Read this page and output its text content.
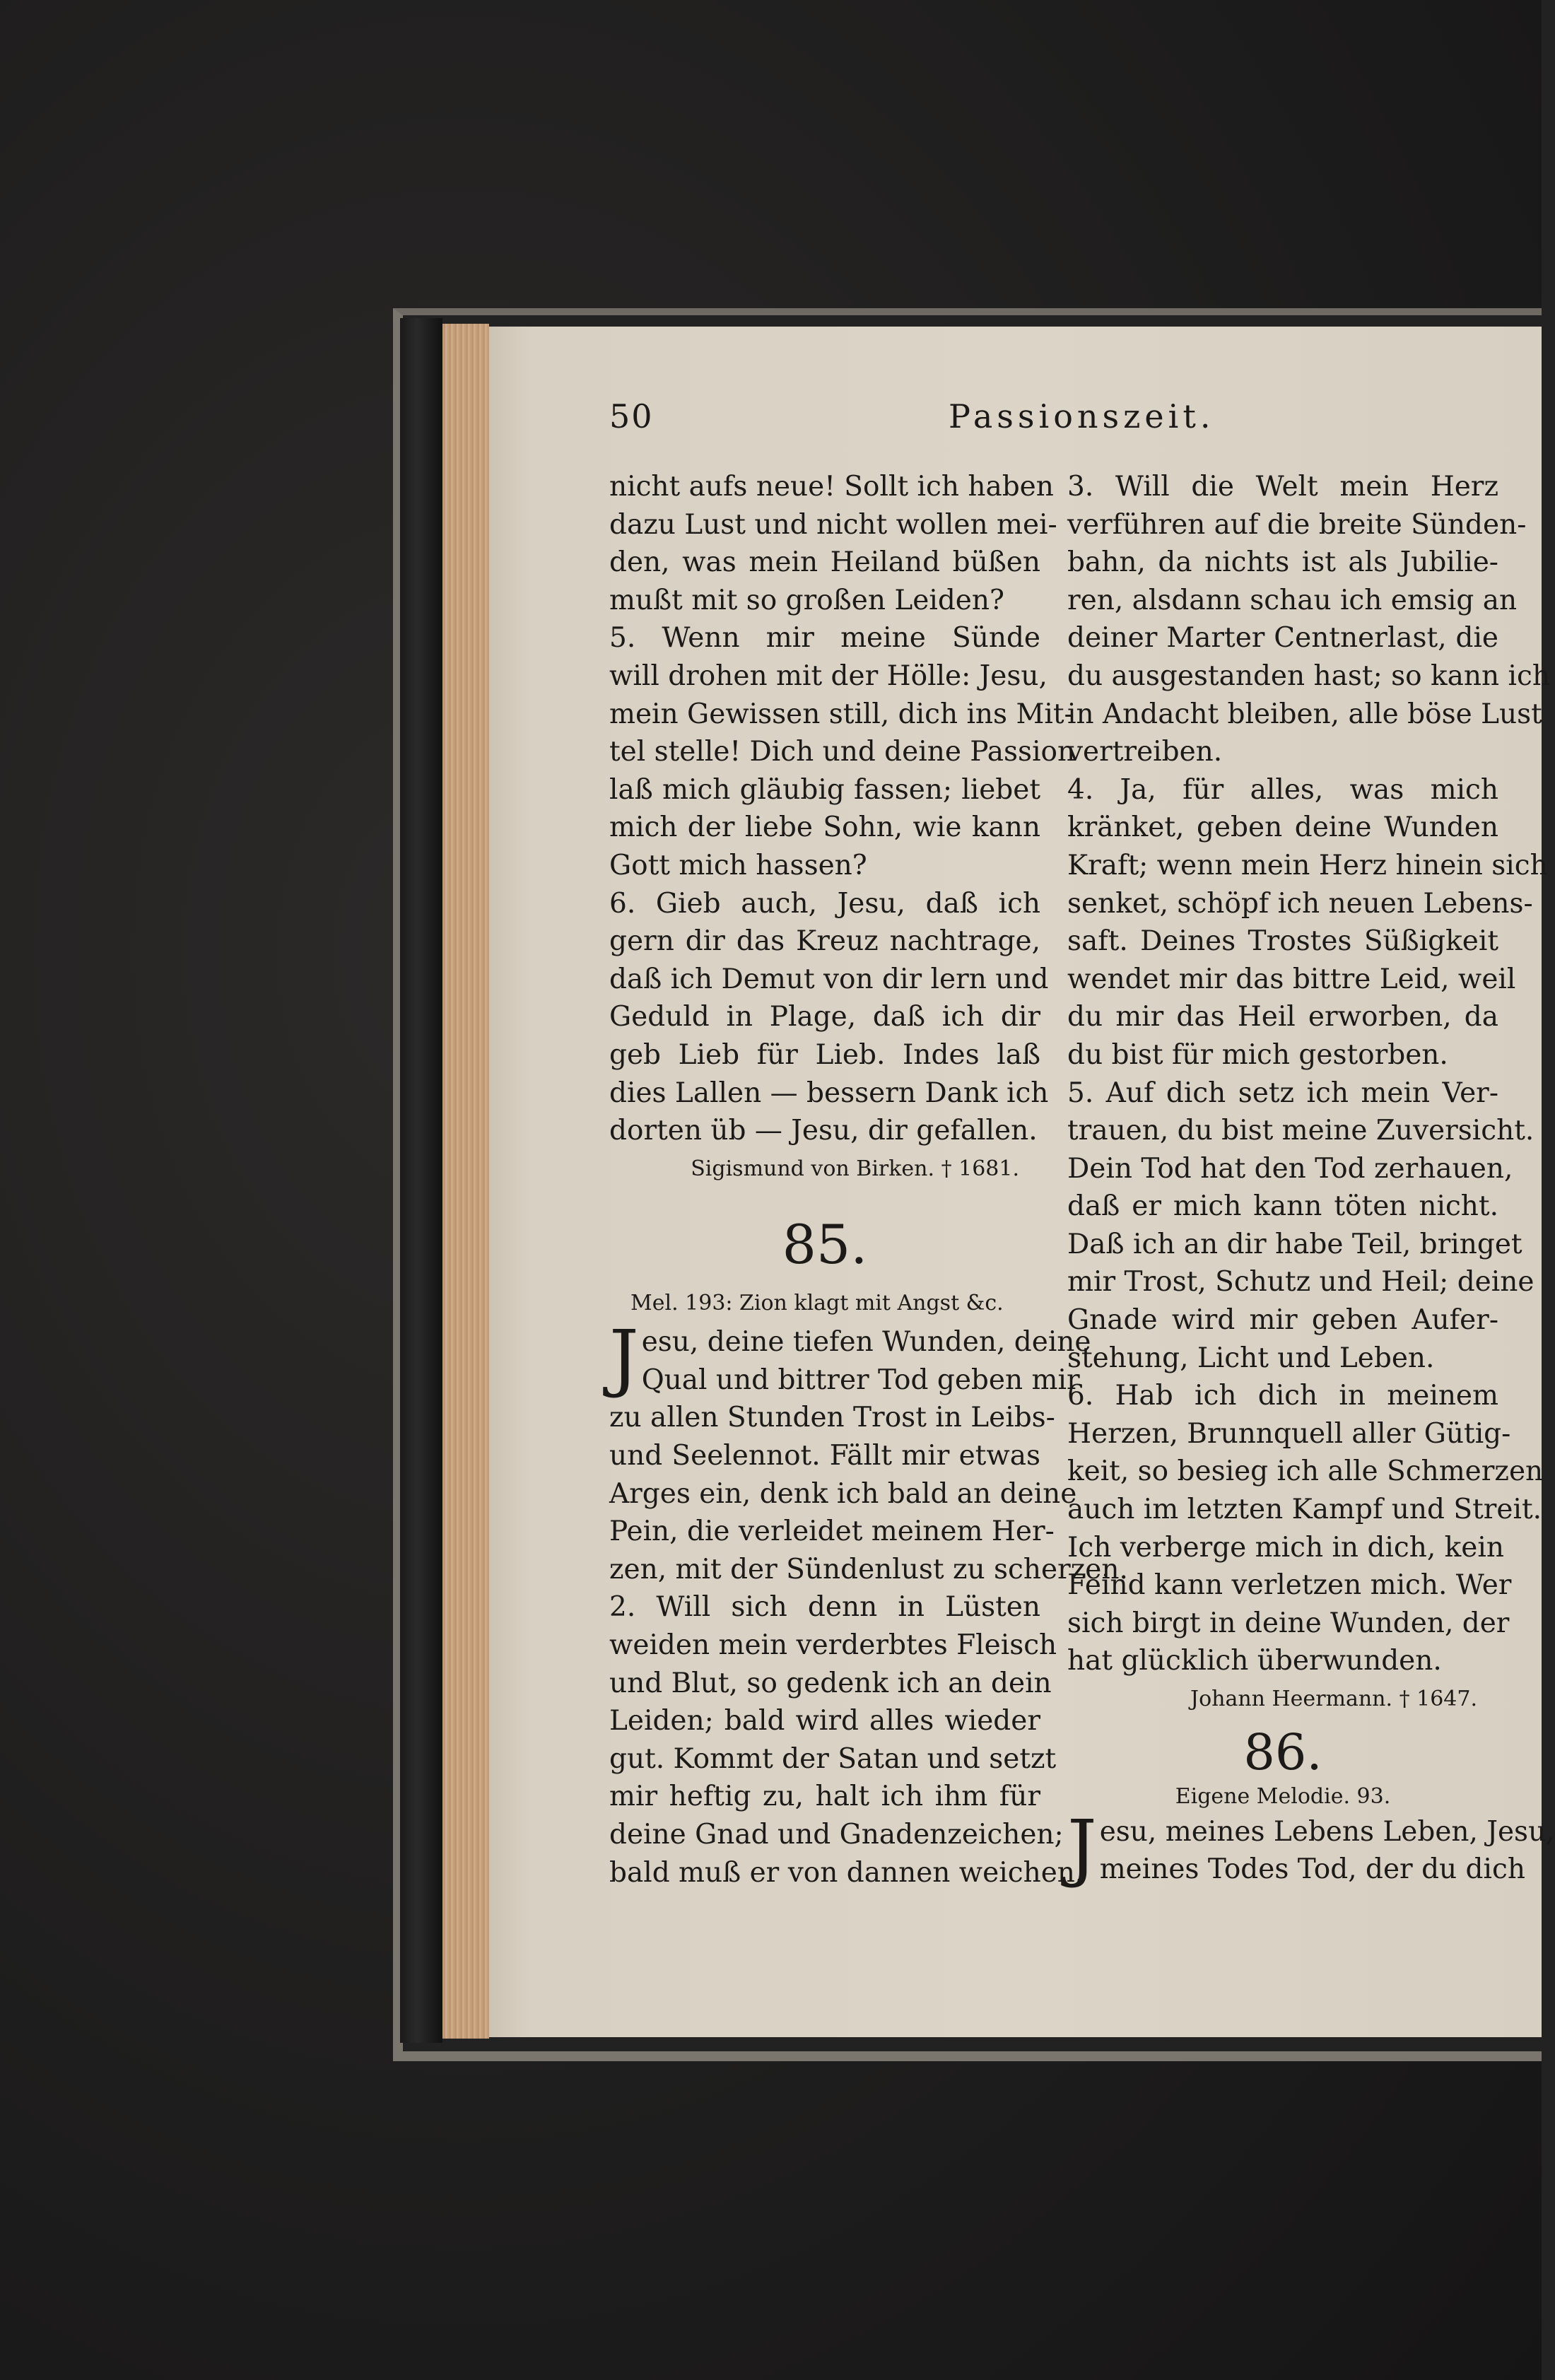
50	Passionszeit.
nicht aufs neue! Sollt ich haben
dazu Lust und nicht wollen mei-
den, was mein Heiland büßen
mußt mit so großen Leiden?
5. Wenn mir meine Sünde
will drohen mit der Hölle: Jesu,
mein Gewissen still, dich ins Mit-
tel stelle! Dich und deine Passion
laß mich gläubig fassen; liebet
mich der liebe Sohn, wie kann
Gott mich hassen?
6. Gieb auch, Jesu, daß ich
gern dir das Kreuz nachtrage,
daß ich Demut von dir lern und
Geduld in Plage, daß ich dir
geb Lieb für Lieb. Indes laß
dies Lallen — bessern Dank ich
dorten üb — Jesu, dir gefallen.
Sigismund von Birken. † 1681.
85.
Mel. 193: Zion klagt mit Angst &c.
J esu, deine tiefen Wunden, deine
Qual und bittrer Tod geben mir
zu allen Stunden Trost in Leibs-
und Seelennot. Fällt mir etwas
Arges ein, denk ich bald an deine
Pein, die verleidet meinem Her-
zen, mit der Sündenlust zu scherzen.
2. Will sich denn in Lüsten
weiden mein verderbtes Fleisch
und Blut, so gedenk ich an dein
Leiden; bald wird alles wieder
gut. Kommt der Satan und setzt
mir heftig zu, halt ich ihm für
deine Gnad und Gnadenzeichen;
bald muß er von dannen weichen.
3. Will die Welt mein Herz
verführen auf die breite Sünden-
bahn, da nichts ist als Jubilie-
ren, alsdann schau ich emsig an
deiner Marter Centnerlast, die
du ausgestanden hast; so kann ich
in Andacht bleiben, alle böse Lust
vertreiben.
4. Ja, für alles, was mich
kränket, geben deine Wunden
Kraft; wenn mein Herz hinein sich
senket, schöpf ich neuen Lebens-
saft. Deines Trostes Süßigkeit
wendet mir das bittre Leid, weil
du mir das Heil erworben, da
du bist für mich gestorben.
5. Auf dich setz ich mein Ver-
trauen, du bist meine Zuversicht.
Dein Tod hat den Tod zerhauen,
daß er mich kann töten nicht.
Daß ich an dir habe Teil, bringet
mir Trost, Schutz und Heil; deine
Gnade wird mir geben Aufer-
stehung, Licht und Leben.
6. Hab ich dich in meinem
Herzen, Brunnquell aller Gütig-
keit, so besieg ich alle Schmerzen
auch im letzten Kampf und Streit.
Ich verberge mich in dich, kein
Feind kann verletzen mich. Wer
sich birgt in deine Wunden, der
hat glücklich überwunden.
Johann Heermann. † 1647.
86.
Eigene Melodie. 93.
J esu, meines Lebens Leben, Jesu,
meines Todes Tod, der du dich
